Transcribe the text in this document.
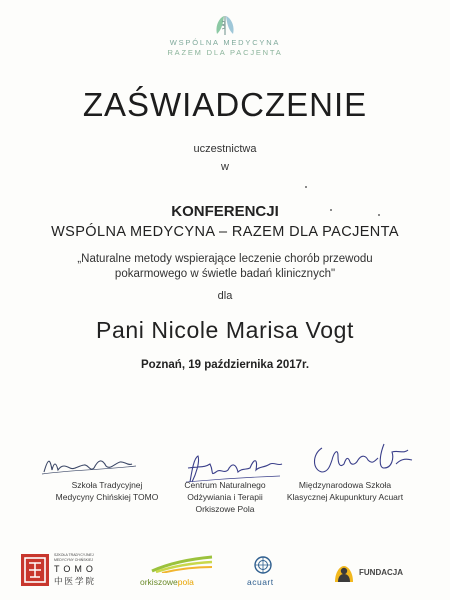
WSPÓLNA MEDYCYNA
RAZEM DLA PACJENTA
ZAŚWIADCZENIE
uczestnictwa
w
KONFERENCJI
WSPÓLNA MEDYCYNA – RAZEM DLA PACJENTA
„Naturalne metody wspierające leczenie chorób przewodu
pokarmowego w świetle badań klinicznych"
dla
Pani Nicole Marisa Vogt
Poznań, 19 października 2017r.
Szkoła Tradycyjnej
Medycyny Chińskiej TOMO
Centrum Naturalnego
Odżywiania i Terapii
Orkiszowe Pola
Międzynarodowa Szkoła
Klasycznej Akupunktury Acuart
SZKOŁA TRADYCYJNEJ
MEDYCYNY CHIŃSKIEJ
TOMO
中医学院	orkiszowepola	acuart
FUNDACJA
